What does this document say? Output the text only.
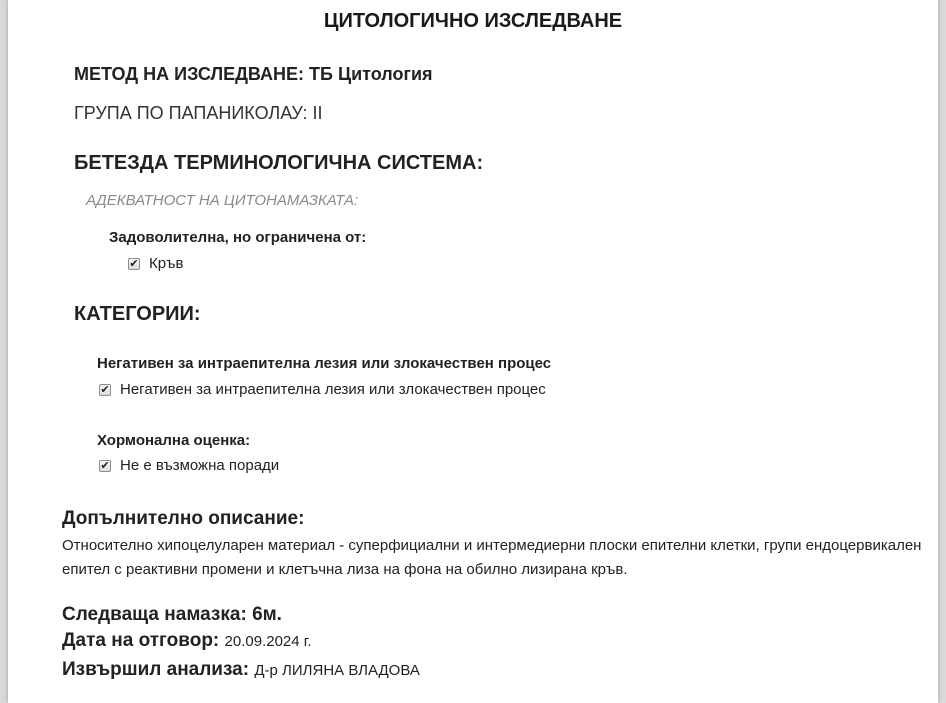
ЦИТОЛОГИЧНО ИЗСЛЕДВАНЕ
МЕТОД НА ИЗСЛЕДВАНЕ: ТБ Цитология
ГРУПА ПО ПАПАНИКОЛАУ: II
БЕТЕЗДА ТЕРМИНОЛОГИЧНА СИСТЕМА:
АДЕКВАТНОСТ НА ЦИТОНАМАЗКАТА:
Задоволителна, но ограничена от:
✔ Кръв
КАТЕГОРИИ:
Негативен за интраепителна лезия или злокачествен процес
✔ Негативен за интраепителна лезия или злокачествен процес
Хормонална оценка:
✔ Не е възможна поради
Допълнително описание:
Относително хипоцелуларен материал - суперфициални и интермедиерни плоски епителни клетки, групи ендоцервикален епител с реактивни промени и клетъчна лиза на фона на обилно лизирана кръв.
Следваща намазка: 6м.
Дата на отговор: 20.09.2024 г.
Извършил анализа: Д-р ЛИЛЯНА ВЛАДОВА
